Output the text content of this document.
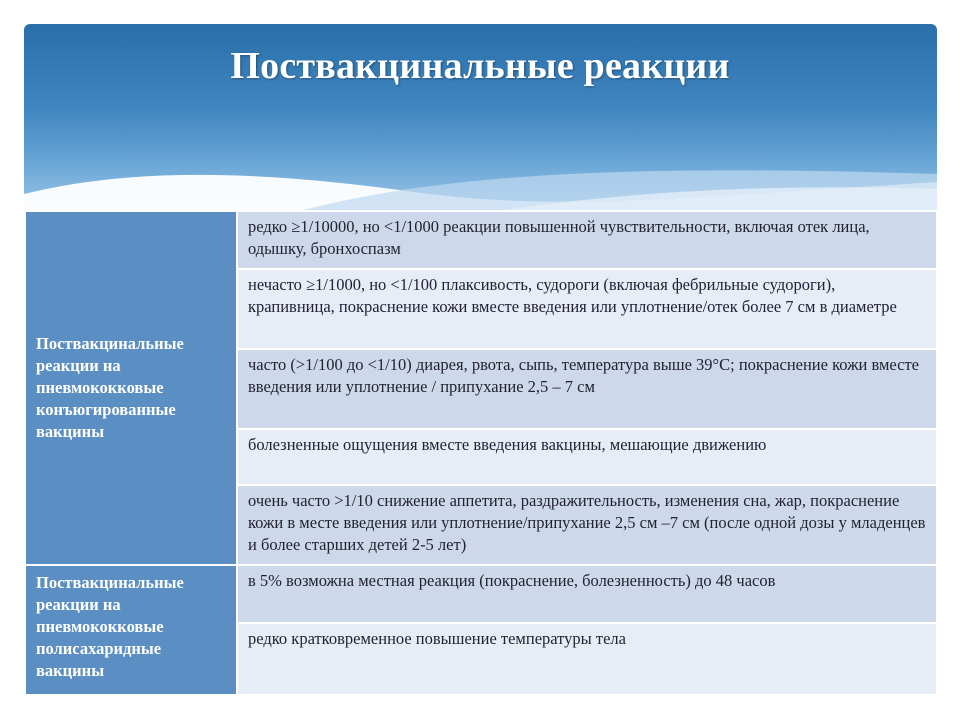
Поствакцинальные реакции
Поствакцинальные реакции на пневмококковые конъюгированные вакцины	редко ≥1/10000, но <1/1000 реакции повышенной чувствительности, включая отек лица, одышку, бронхоспазм
	нечасто ≥1/1000, но <1/100 плаксивость, судороги (включая фебрильные судороги), крапивница, покраснение кожи вместе введения или уплотнение/отек более 7 см в диаметре
	часто (>1/100 до <1/10) диарея, рвота, сыпь, температура выше 39°С; покраснение кожи вместе введения или уплотнение / припухание 2,5 – 7 см
	болезненные ощущения вместе введения вакцины, мешающие движению
	очень часто >1/10 снижение аппетита, раздражительность, изменения сна, жар, покраснение кожи в месте введения или уплотнение/припухание 2,5 см –7 см (после одной дозы у младенцев и более старших детей 2-5 лет)
Поствакцинальные реакции на пневмококковые полисахаридные вакцины	в 5% возможна местная реакция (покраснение, болезненность) до 48 часов
	редко кратковременное повышение температуры тела
